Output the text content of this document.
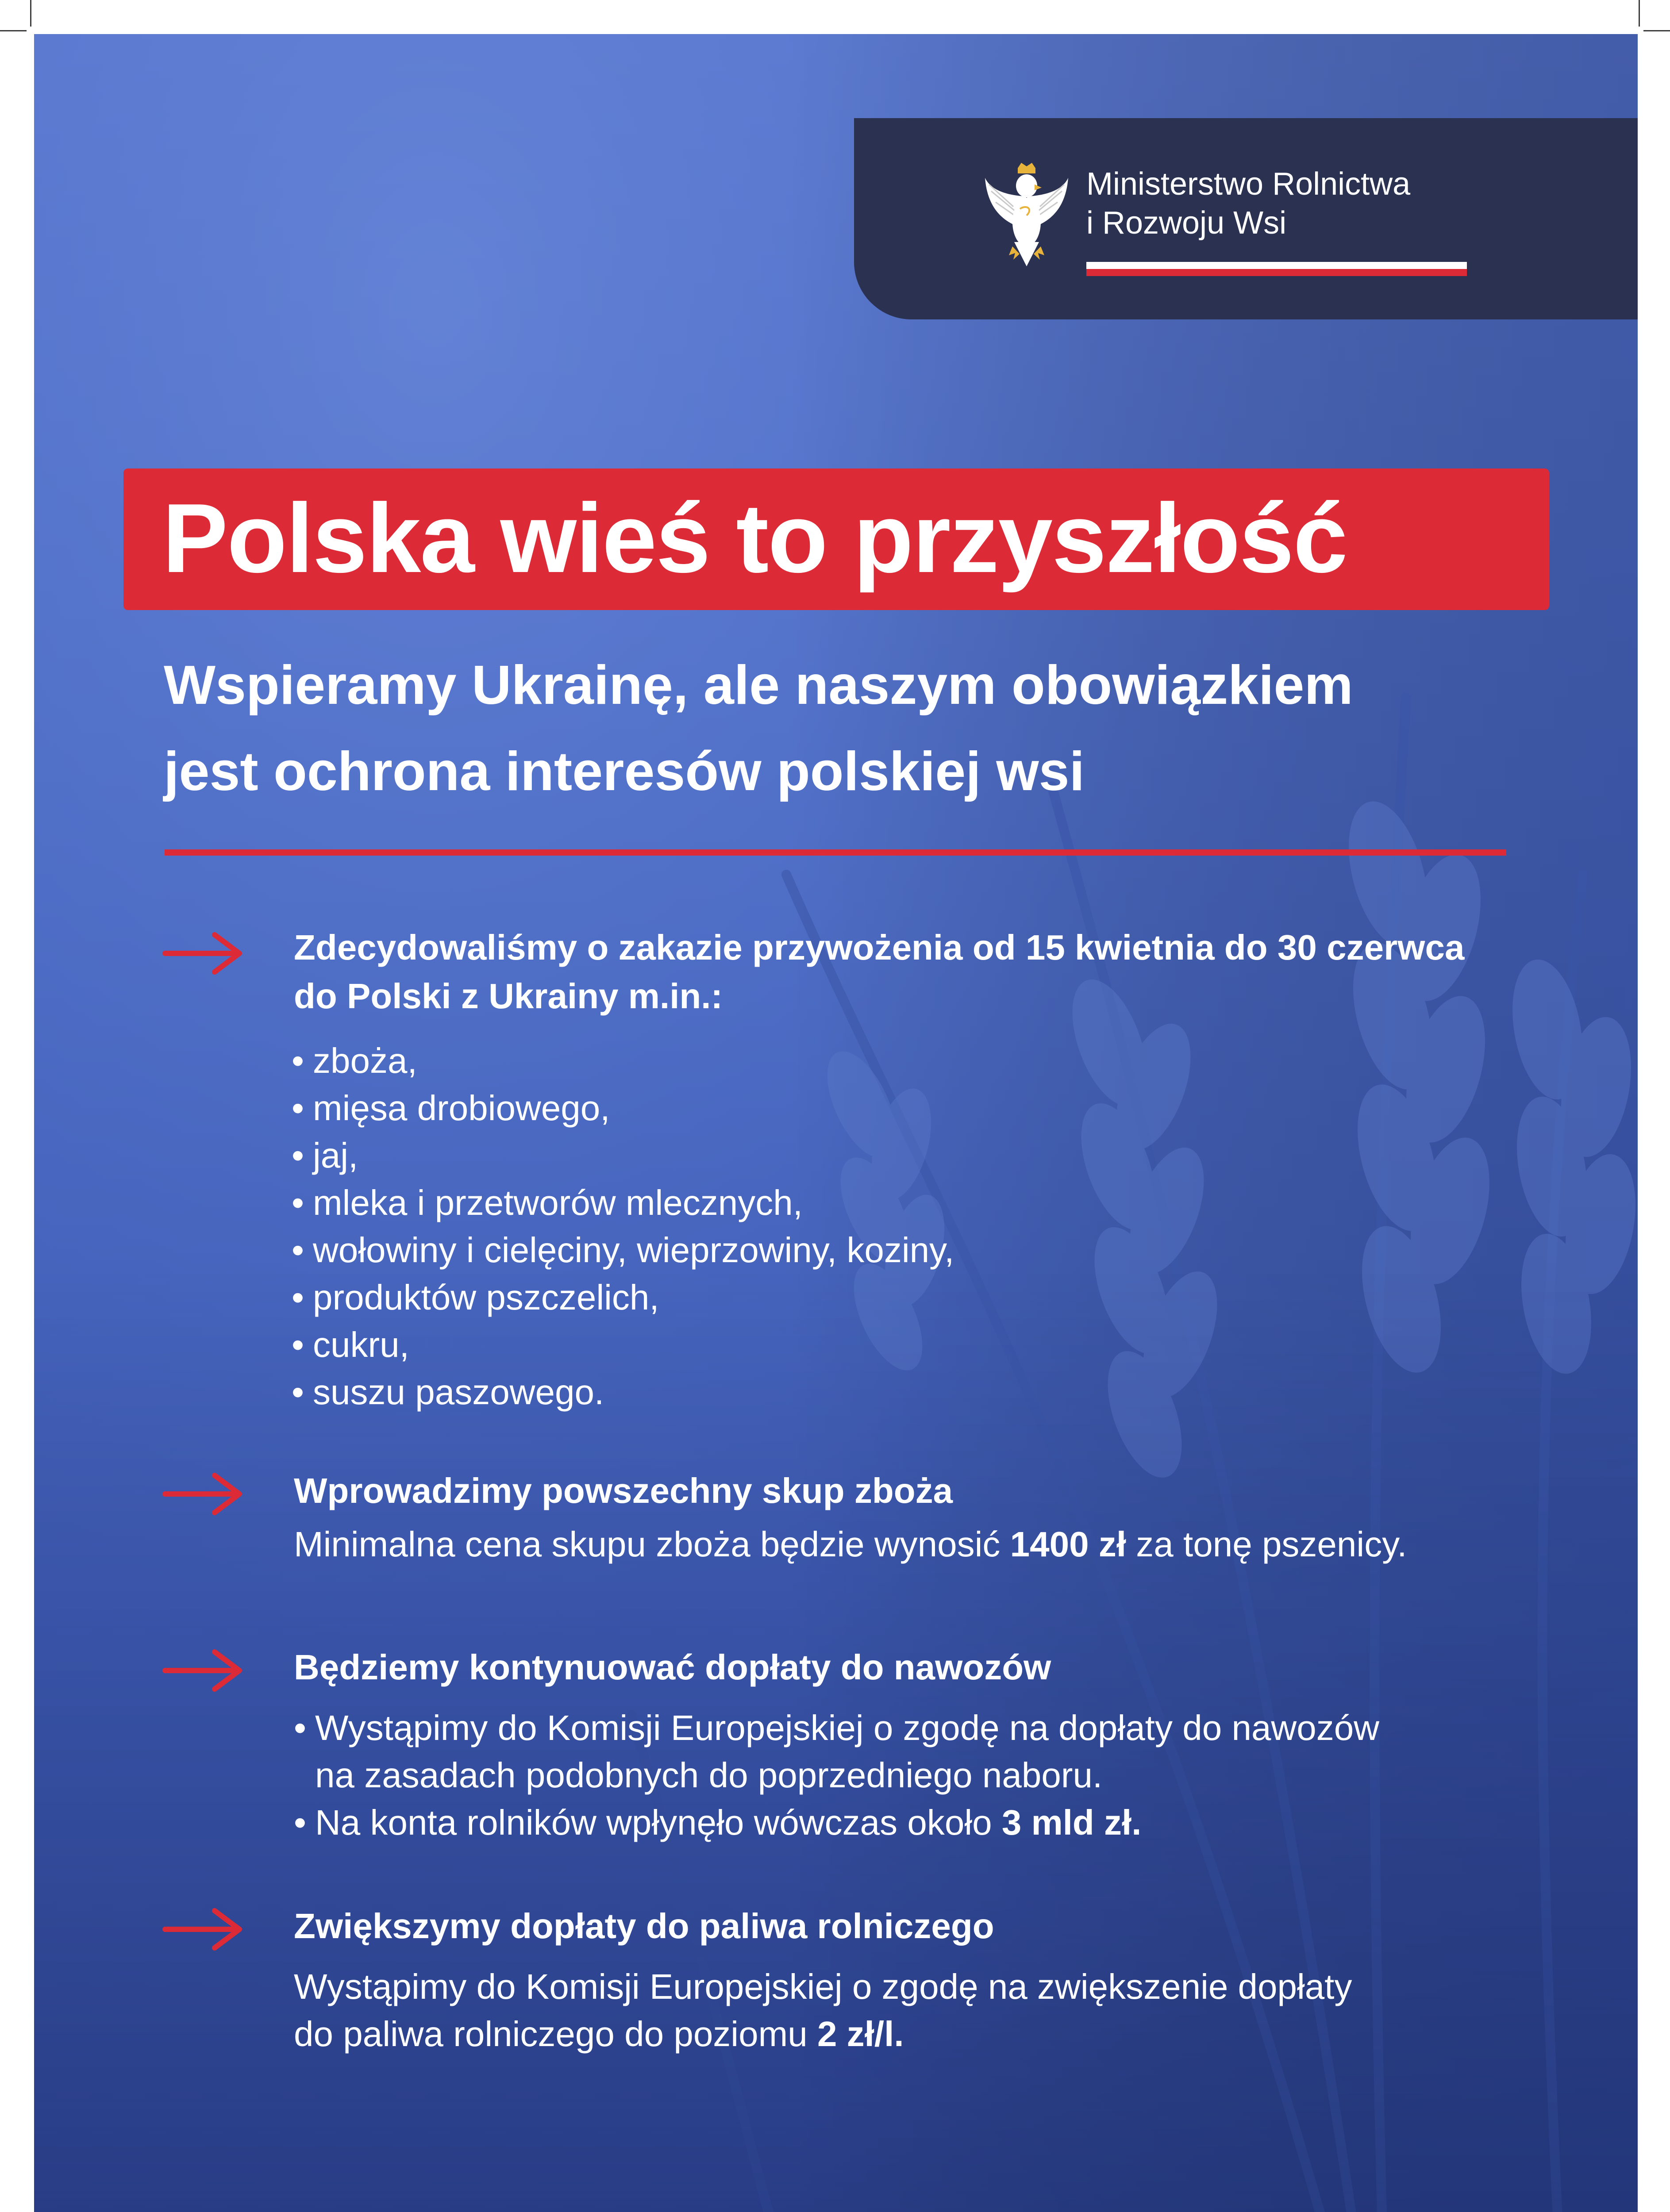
Ministerstwo Rolnictwa
i Rozwoju Wsi
Polska wieś to przyszłość
Wspieramy Ukrainę, ale naszym obowiązkiem
jest ochrona interesów polskiej wsi
Zdecydowaliśmy o zakazie przywożenia od 15 kwietnia do 30 czerwca
do Polski z Ukrainy m.in.:
• zboża,
• mięsa drobiowego,
• jaj,
• mleka i przetworów mlecznych,
• wołowiny i cielęciny, wieprzowiny, koziny,
• produktów pszczelich,
• cukru,
• suszu paszowego.
Wprowadzimy powszechny skup zboża

Minimalna cena skupu zboża będzie wynosić 1400 zł za tonę pszenicy.

Będziemy kontynuować dopłaty do nawozów
• Wystąpimy do Komisji Europejskiej o zgodę na dopłaty do nawozów
na zasadach podobnych do poprzedniego naboru.
• Na konta rolników wpłynęło wówczas około 3 mld zł.
Zwiększymy dopłaty do paliwa rolniczego
Wystąpimy do Komisji Europejskiej o zgodę na zwiększenie dopłaty
do paliwa rolniczego do poziomu 2 zł/l.
